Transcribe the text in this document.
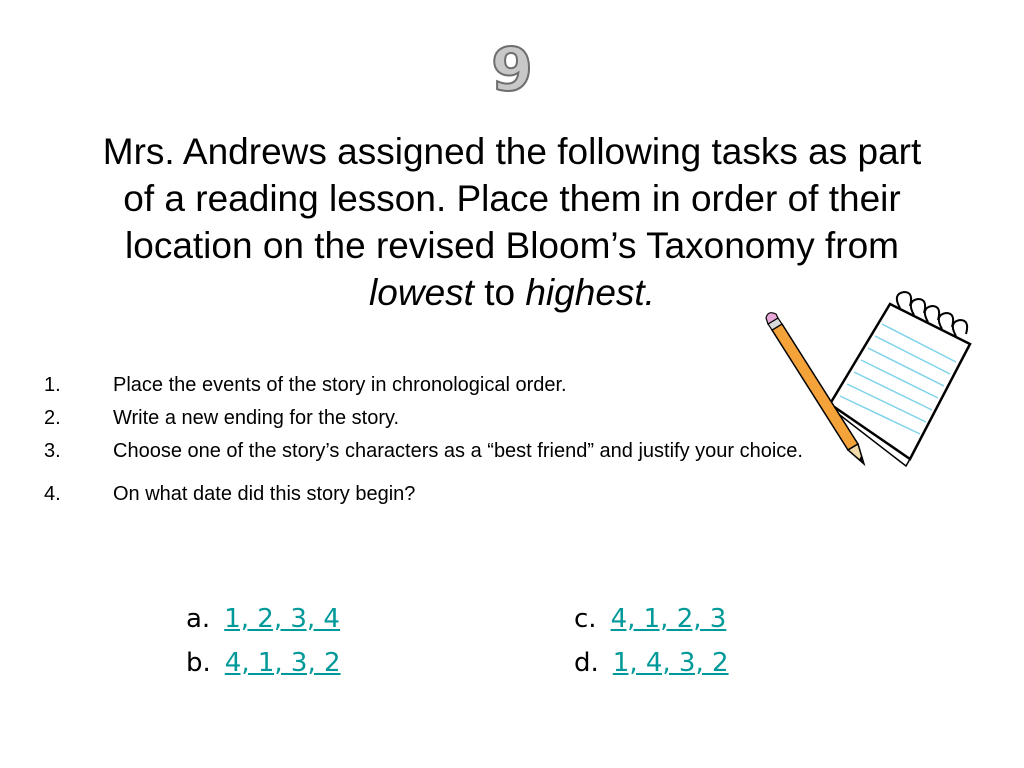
9
Mrs. Andrews assigned the following tasks as part
of a reading lesson. Place them in order of their
location on the revised Bloom’s Taxonomy from
lowest to highest.
1.	Place the events of the story in chronological order.
2.	Write a new ending for the story.
3.	Choose one of the story’s characters as a “best friend” and justify your choice.
4.	On what date did this story begin?
a. 1, 2, 3, 4
b. 4, 1, 3, 2
c. 4, 1, 2, 3
d. 1, 4, 3, 2
